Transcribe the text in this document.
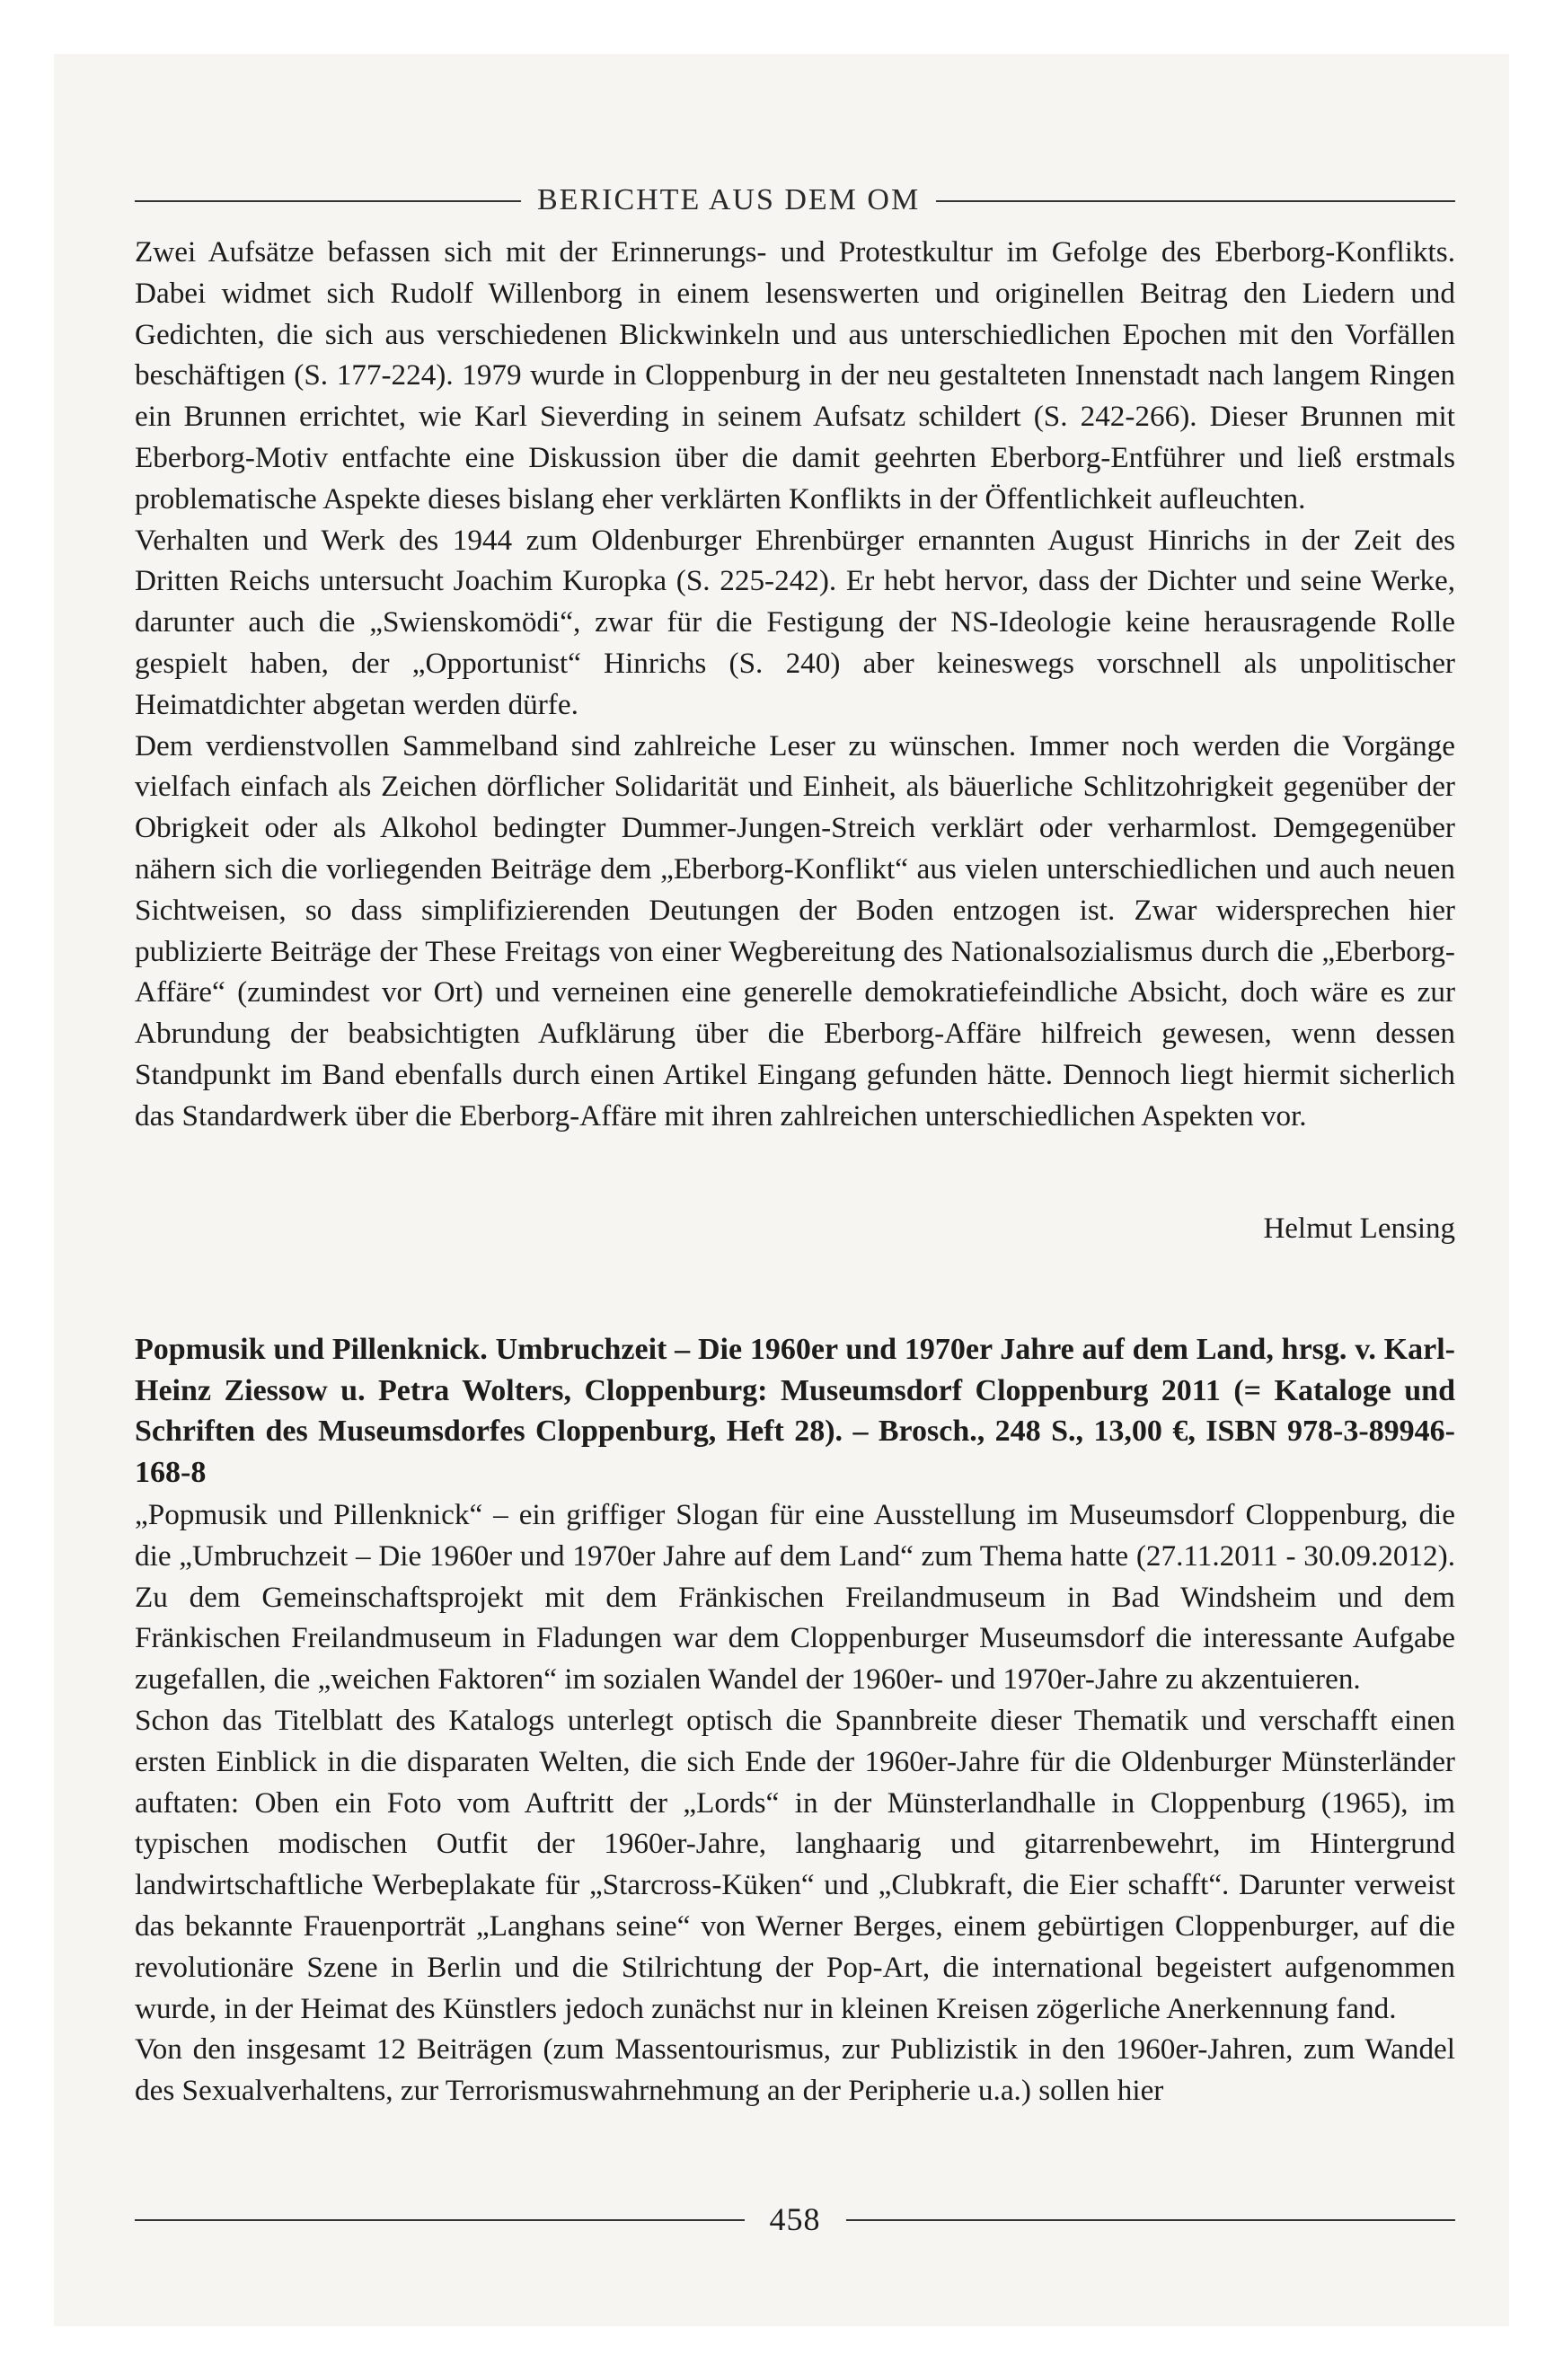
BERICHTE AUS DEM OM

Zwei Aufsätze befassen sich mit der Erinnerungs- und Protestkultur im Gefolge des Eberborg-Konflikts. Dabei widmet sich Rudolf Willenborg in einem lesenswerten und originellen Beitrag den Liedern und Gedichten, die sich aus verschiedenen Blickwinkeln und aus unterschiedlichen Epochen mit den Vorfällen beschäftigen (S. 177-224). 1979 wurde in Cloppenburg in der neu gestalteten Innenstadt nach langem Ringen ein Brunnen errichtet, wie Karl Sieverding in seinem Aufsatz schildert (S. 242-266). Dieser Brunnen mit Eberborg-Motiv entfachte eine Diskussion über die damit geehrten Eberborg-Entführer und ließ erstmals problematische Aspekte dieses bislang eher verklärten Konflikts in der Öffentlichkeit aufleuchten.

Verhalten und Werk des 1944 zum Oldenburger Ehrenbürger ernannten August Hinrichs in der Zeit des Dritten Reichs untersucht Joachim Kuropka (S. 225-242). Er hebt hervor, dass der Dichter und seine Werke, darunter auch die „Swienskomödi“, zwar für die Festigung der NS-Ideologie keine herausragende Rolle gespielt haben, der „Opportunist“ Hinrichs (S. 240) aber keineswegs vorschnell als unpolitischer Heimatdichter abgetan werden dürfe.

Dem verdienstvollen Sammelband sind zahlreiche Leser zu wünschen. Immer noch werden die Vorgänge vielfach einfach als Zeichen dörflicher Solidarität und Einheit, als bäuerliche Schlitzohrigkeit gegenüber der Obrigkeit oder als Alkohol bedingter Dummer-Jungen-Streich verklärt oder verharmlost. Demgegenüber nähern sich die vorliegenden Beiträge dem „Eberborg-Konflikt“ aus vielen unterschiedlichen und auch neuen Sichtweisen, so dass simplifizierenden Deutungen der Boden entzogen ist. Zwar widersprechen hier publizierte Beiträge der These Freitags von einer Wegbereitung des Nationalsozialismus durch die „Eberborg-Affäre“ (zumindest vor Ort) und verneinen eine generelle demokratiefeindliche Absicht, doch wäre es zur Abrundung der beabsichtigten Aufklärung über die Eberborg-Affäre hilfreich gewesen, wenn dessen Standpunkt im Band ebenfalls durch einen Artikel Eingang gefunden hätte. Dennoch liegt hiermit sicherlich das Standardwerk über die Eberborg-Affäre mit ihren zahlreichen unterschiedlichen Aspekten vor.

Helmut Lensing
Popmusik und Pillenknick. Umbruchzeit – Die 1960er und 1970er Jahre auf dem Land, hrsg. v. Karl-Heinz Ziessow u. Petra Wolters, Cloppenburg: Museumsdorf Cloppenburg 2011 (= Kataloge und Schriften des Museumsdorfes Cloppenburg, Heft 28). – Brosch., 248 S., 13,00 €, ISBN 978-3-89946-168-8

„Popmusik und Pillenknick“ – ein griffiger Slogan für eine Ausstellung im Museumsdorf Cloppenburg, die die „Umbruchzeit – Die 1960er und 1970er Jahre auf dem Land“ zum Thema hatte (27.11.2011 - 30.09.2012). Zu dem Gemeinschaftsprojekt mit dem Fränkischen Freilandmuseum in Bad Windsheim und dem Fränkischen Freilandmuseum in Fladungen war dem Cloppenburger Museumsdorf die interessante Aufgabe zugefallen, die „weichen Faktoren“ im sozialen Wandel der 1960er- und 1970er-Jahre zu akzentuieren.

Schon das Titelblatt des Katalogs unterlegt optisch die Spannbreite dieser Thematik und verschafft einen ersten Einblick in die disparaten Welten, die sich Ende der 1960er-Jahre für die Oldenburger Münsterländer auftaten: Oben ein Foto vom Auftritt der „Lords“ in der Münsterlandhalle in Cloppenburg (1965), im typischen modischen Outfit der 1960er-Jahre, langhaarig und gitarrenbewehrt, im Hintergrund landwirtschaftliche Werbeplakate für „Starcross-Küken“ und „Clubkraft, die Eier schafft“. Darunter verweist das bekannte Frauenporträt „Langhans seine“ von Werner Berges, einem gebürtigen Cloppenburger, auf die revolutionäre Szene in Berlin und die Stilrichtung der Pop-Art, die international begeistert aufgenommen wurde, in der Heimat des Künstlers jedoch zunächst nur in kleinen Kreisen zögerliche Anerkennung fand.

Von den insgesamt 12 Beiträgen (zum Massentourismus, zur Publizistik in den 1960er-Jahren, zum Wandel des Sexualverhaltens, zur Terrorismuswahrnehmung an der Peripherie u.a.) sollen hier

458
